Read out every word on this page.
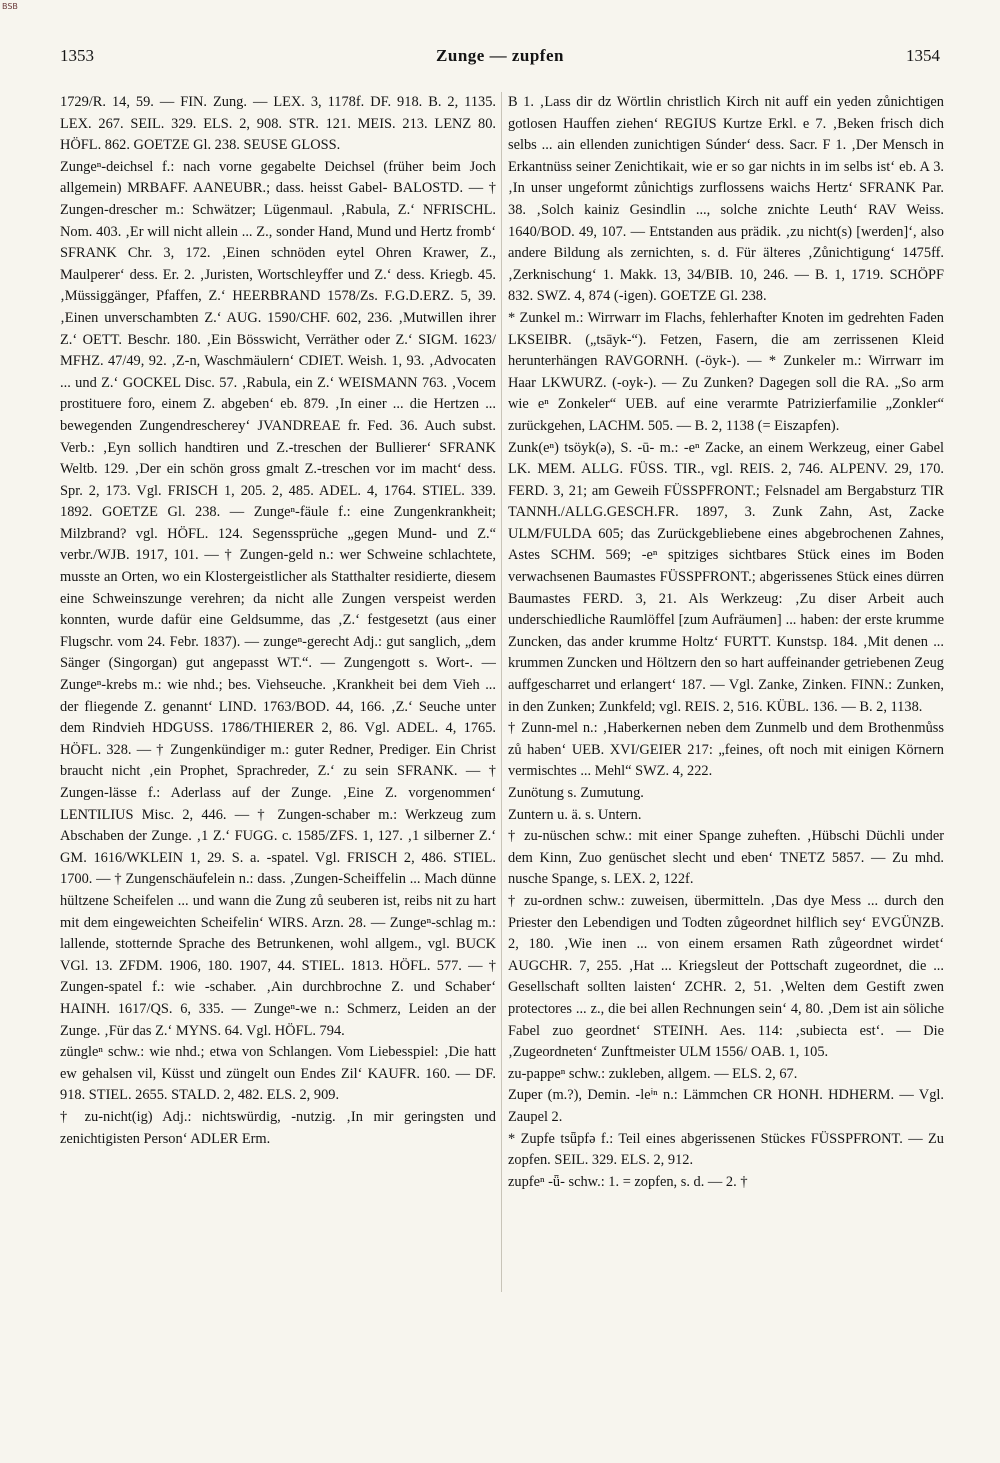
BSB
1353	Zunge — zupfen	1354

1729/R. 14, 59. — FIN. Zung. — LEX. 3, 1178f. DF. 918. B. 2, 1135. LEX. 267. SEIL. 329. ELS. 2, 908. STR. 121. MEIS. 213. LENZ 80. HÖFL. 862. GOETZE Gl. 238. SEUSE GLOSS.

Zungeⁿ-deichsel f.: nach vorne gegabelte Deichsel (früher beim Joch allgemein) MRBAFF. AANEUBR.; dass. heisst Gabel- BALOSTD. — † Zungen-drescher m.: Schwätzer; Lügenmaul. ‚Rabula, Z.‘ NFRISCHL. Nom. 403. ‚Er will nicht allein ... Z., sonder Hand, Mund und Hertz fromb‘ SFRANK Chr. 3, 172. ‚Einen schnöden eytel Ohren Krawer, Z., Maulperer‘ dess. Er. 2. ‚Juristen, Wortschleyffer und Z.‘ dess. Kriegb. 45. ‚Müssiggänger, Pfaffen, Z.‘ HEERBRAND 1578/Zs. F.G.D.ERZ. 5, 39. ‚Einen unverschambten Z.‘ AUG. 1590/CHF. 602, 236. ‚Mutwillen ihrer Z.‘ OETT. Beschr. 180. ‚Ein Bösswicht, Verräther oder Z.‘ SIGM. 1623/ MFHZ. 47/49, 92. ‚Z-n, Waschmäulern‘ CDIET. Weish. 1, 93. ‚Advocaten ... und Z.‘ GOCKEL Disc. 57. ‚Rabula, ein Z.‘ WEISMANN 763. ‚Vocem prostituere foro, einem Z. abgeben‘ eb. 879. ‚In einer ... die Hertzen ... bewegenden Zungendrescherey‘ JVANDREAE fr. Fed. 36. Auch subst. Verb.: ‚Eyn sollich handtiren und Z.-treschen der Bullierer‘ SFRANK Weltb. 129. ‚Der ein schön gross gmalt Z.-treschen vor im macht‘ dess. Spr. 2, 173. Vgl. FRISCH 1, 205. 2, 485. ADEL. 4, 1764. STIEL. 339. 1892. GOETZE Gl. 238. — Zungeⁿ-fäule f.: eine Zungenkrankheit; Milzbrand? vgl. HÖFL. 124. Segenssprüche „gegen Mund- und Z.“ verbr./WJB. 1917, 101. — † Zungen-geld n.: wer Schweine schlachtete, musste an Orten, wo ein Klostergeistlicher als Statthalter residierte, diesem eine Schweinszunge verehren; da nicht alle Zungen verspeist werden konnten, wurde dafür eine Geldsumme, das ‚Z.‘ festgesetzt (aus einer Flugschr. vom 24. Febr. 1837). — zungeⁿ-gerecht Adj.: gut sanglich, „dem Sänger (Singorgan) gut angepasst WT.“. — Zungengott s. Wort-. — Zungeⁿ-krebs m.: wie nhd.; bes. Viehseuche. ‚Krankheit bei dem Vieh ... der fliegende Z. genannt‘ LIND. 1763/BOD. 44, 166. ‚Z.‘ Seuche unter dem Rindvieh HDGUSS. 1786/THIERER 2, 86. Vgl. ADEL. 4, 1765. HÖFL. 328. — † Zungenkündiger m.: guter Redner, Prediger. Ein Christ braucht nicht ‚ein Prophet, Sprachreder, Z.‘ zu sein SFRANK. — † Zungen-lässe f.: Aderlass auf der Zunge. ‚Eine Z. vorgenommen‘ LENTILIUS Misc. 2, 446. — † Zungen-schaber m.: Werkzeug zum Abschaben der Zunge. ‚1 Z.‘ FUGG. c. 1585/ZFS. 1, 127. ‚1 silberner Z.‘ GM. 1616/WKLEIN 1, 29. S. a. -spatel. Vgl. FRISCH 2, 486. STIEL. 1700. — † Zungenschäufelein n.: dass. ‚Zungen-Scheiffelin ... Mach dünne hültzene Scheifelen ... und wann die Zung zů seuberen ist, reibs nit zu hart mit dem eingeweichten Scheifelin‘ WIRS. Arzn. 28. — Zungeⁿ-schlag m.: lallende, stotternde Sprache des Betrunkenen, wohl allgem., vgl. BUCK VGl. 13. ZFDM. 1906, 180. 1907, 44. STIEL. 1813. HÖFL. 577. — † Zungen-spatel f.: wie -schaber. ‚Ain durchbrochne Z. und Schaber‘ HAINH. 1617/QS. 6, 335. — Zungeⁿ-we n.: Schmerz, Leiden an der Zunge. ‚Für das Z.‘ MYNS. 64. Vgl. HÖFL. 794.

züngleⁿ schw.: wie nhd.; etwa von Schlangen. Vom Liebesspiel: ‚Die hatt ew gehalsen vil, Küsst und züngelt oun Endes Zil‘ KAUFR. 160. — DF. 918. STIEL. 2655. STALD. 2, 482. ELS. 2, 909.

† zu-nicht(ig) Adj.: nichtswürdig, -nutzig. ‚In mir geringsten und zenichtigisten Person‘ ADLER Erm.

B 1. ‚Lass dir dz Wörtlin christlich Kirch nit auff ein yeden zůnichtigen gotlosen Hauffen ziehen‘ REGIUS Kurtze Erkl. e 7. ‚Beken frisch dich selbs ... ain ellenden zunichtigen Súnder‘ dess. Sacr. F 1. ‚Der Mensch in Erkantnüss seiner Zenichtikait, wie er so gar nichts in im selbs ist‘ eb. A 3. ‚In unser ungeformt zůnichtigs zurflossens waichs Hertz‘ SFRANK Par. 38. ‚Solch kainiz Gesindlin ..., solche znichte Leuth‘ RAV Weiss. 1640/BOD. 49, 107. — Entstanden aus prädik. ‚zu nicht(s) [werden]‘, also andere Bildung als zernichten, s. d. Für älteres ‚Zůnichtigung‘ 1475ff. ‚Zerknischung‘ 1. Makk. 13, 34/BIB. 10, 246. — B. 1, 1719. SCHÖPF 832. SWZ. 4, 874 (-igen). GOETZE Gl. 238.

* Zunkel m.: Wirrwarr im Flachs, fehlerhafter Knoten im gedrehten Faden LKSEIBR. („tsāyk-“). Fetzen, Fasern, die am zerrissenen Kleid herunterhängen RAVGORNH. (-öyk-). — * Zunkeler m.: Wirrwarr im Haar LKWURZ. (-oyk-). — Zu Zunken? Dagegen soll die RA. „So arm wie eⁿ Zonkeler“ UEB. auf eine verarmte Patrizierfamilie „Zonkler“ zurückgehen, LACHM. 505. — B. 2, 1138 (= Eiszapfen).

Zunk(eⁿ) tsöyk(ə), S. -ū- m.: -eⁿ Zacke, an einem Werkzeug, einer Gabel LK. MEM. ALLG. FÜSS. TIR., vgl. REIS. 2, 746. ALPENV. 29, 170. FERD. 3, 21; am Geweih FÜSSPFRONT.; Felsnadel am Bergabsturz TIR TANNH./ALLG.GESCH.FR. 1897, 3. Zunk Zahn, Ast, Zacke ULM/FULDA 605; das Zurückgebliebene eines abgebrochenen Zahnes, Astes SCHM. 569; -eⁿ spitziges sichtbares Stück eines im Boden verwachsenen Baumastes FÜSSPFRONT.; abgerissenes Stück eines dürren Baumastes FERD. 3, 21. Als Werkzeug: ‚Zu diser Arbeit auch underschiedliche Raumlöffel [zum Aufräumen] ... haben: der erste krumme Zuncken, das ander krumme Holtz‘ FURTT. Kunstsp. 184. ‚Mit denen ... krummen Zuncken und Höltzern den so hart auffeinander getriebenen Zeug auffgescharret und erlangert‘ 187. — Vgl. Zanke, Zinken. FINN.: Zunken, in den Zunken; Zunkfeld; vgl. REIS. 2, 516. KÜBL. 136. — B. 2, 1138.

† Zunn-mel n.: ‚Haberkernen neben dem Zunmelb und dem Brothenmůss zů haben‘ UEB. XVI/GEIER 217: „feines, oft noch mit einigen Körnern vermischtes ... Mehl“ SWZ. 4, 222.

Zunötung s. Zumutung.

Zuntern u. ä. s. Untern.

† zu-nüschen schw.: mit einer Spange zuheften. ‚Hübschi Düchli under dem Kinn, Zuo genüschet slecht und eben‘ TNETZ 5857. — Zu mhd. nusche Spange, s. LEX. 2, 122f.

† zu-ordnen schw.: zuweisen, übermitteln. ‚Das dye Mess ... durch den Priester den Lebendigen und Todten zůgeordnet hilflich sey‘ EVGÜNZB. 2, 180. ‚Wie inen ... von einem ersamen Rath zůgeordnet wirdet‘ AUGCHR. 7, 255. ‚Hat ... Kriegsleut der Pottschaft zugeordnet, die ... Gesellschaft sollten laisten‘ ZCHR. 2, 51. ‚Welten dem Gestift zwen protectores ... z., die bei allen Rechnungen sein‘ 4, 80. ‚Dem ist ain söliche Fabel zuo geordnet‘ STEINH. Aes. 114: ‚subiecta est‘. — Die ‚Zugeordneten‘ Zunftmeister ULM 1556/ OAB. 1, 105.

zu-pappeⁿ schw.: zukleben, allgem. — ELS. 2, 67.

Zuper (m.?), Demin. -leⁱⁿ n.: Lämmchen CR HONH. HDHERM. — Vgl. Zaupel 2.

* Zupfe tsǖpfə f.: Teil eines abgerissenen Stückes FÜSSPFRONT. — Zu zopfen. SEIL. 329. ELS. 2, 912.

zupfeⁿ -ǖ- schw.: 1. = zopfen, s. d. — 2. †
